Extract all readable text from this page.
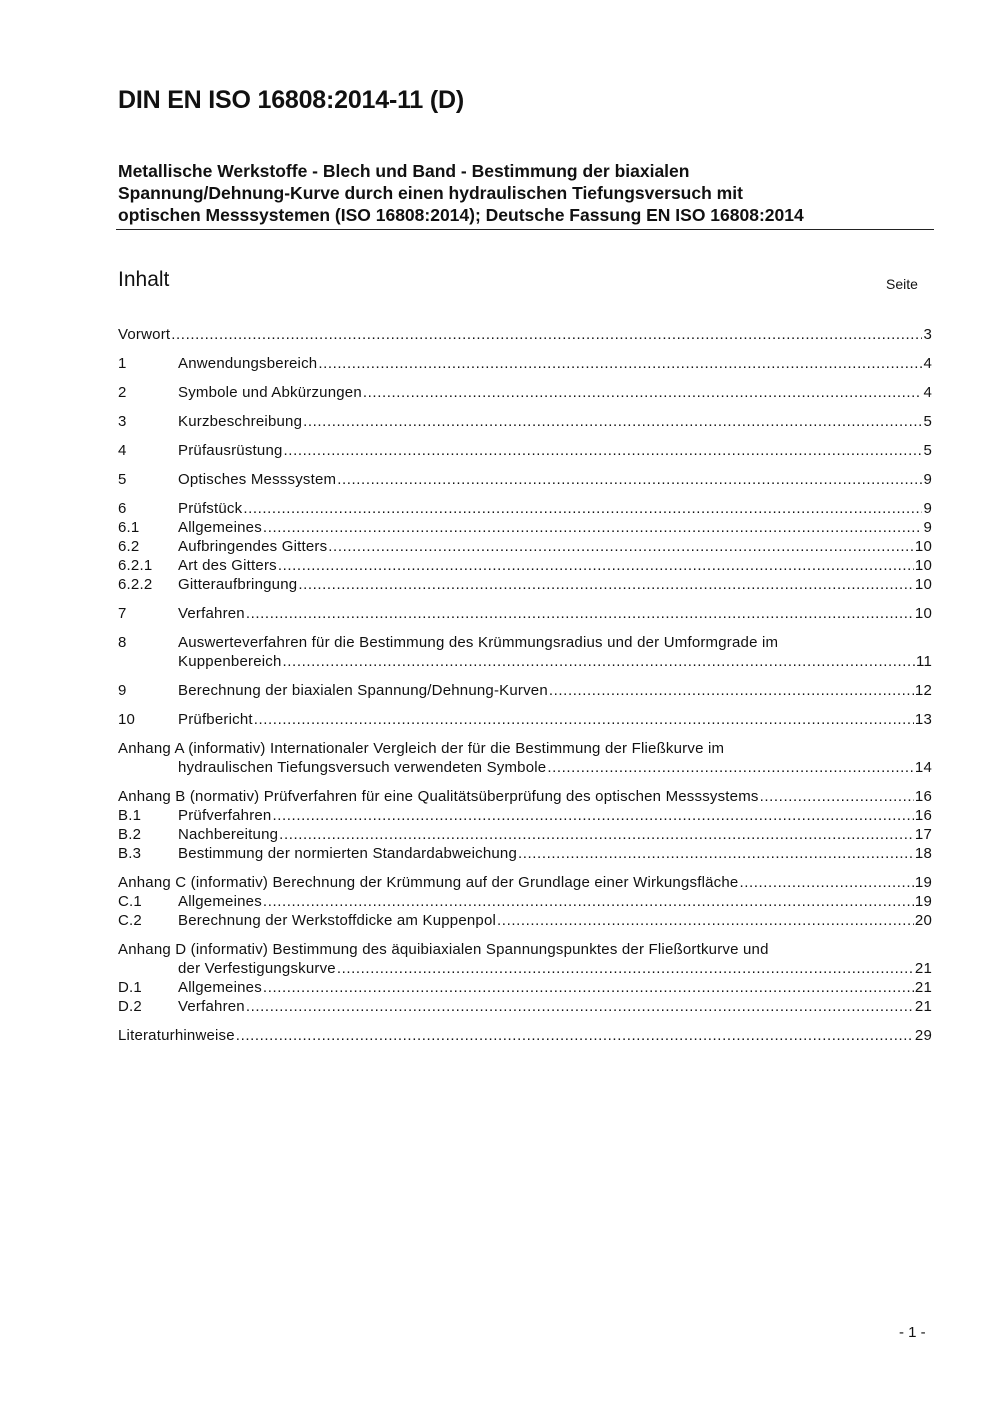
DIN EN ISO 16808:2014-11 (D)
Metallische Werkstoffe - Blech und Band - Bestimmung der biaxialen
Spannung/Dehnung-Kurve durch einen hydraulischen Tiefungsversuch mit
optischen Messsystemen (ISO 16808:2014); Deutsche Fassung EN ISO 16808:2014
Inhalt	Seite
Vorwort .....	3
1	Anwendungsbereich .....	4
2	Symbole und Abkürzungen .....	4
3	Kurzbeschreibung .....	5
4	Prüfausrüstung .....	5
5	Optisches Messsystem .....	9
6	Prüfstück .....	9
6.1	Allgemeines .....	9
6.2	Aufbringendes Gitters .....	10
6.2.1	Art des Gitters .....	10
6.2.2	Gitteraufbringung .....	10
7	Verfahren .....	10
8	Auswerteverfahren für die Bestimmung des Krümmungsradius und der Umformgrade im
Kuppenbereich .....	11
9	Berechnung der biaxialen Spannung/Dehnung-Kurven .....	12
10	Prüfbericht .....	13
Anhang A (informativ) Internationaler Vergleich der für die Bestimmung der Fließkurve im
hydraulischen Tiefungsversuch verwendeten Symbole .....	14
Anhang B (normativ) Prüfverfahren für eine Qualitätsüberprüfung des optischen Messsystems .....	16
B.1	Prüfverfahren .....	16
B.2	Nachbereitung .....	17
B.3	Bestimmung der normierten Standardabweichung .....	18
Anhang C (informativ) Berechnung der Krümmung auf der Grundlage einer Wirkungsfläche .....	19
C.1	Allgemeines .....	19
C.2	Berechnung der Werkstoffdicke am Kuppenpol .....	20
Anhang D (informativ) Bestimmung des äquibiaxialen Spannungspunktes der Fließortkurve und
der Verfestigungskurve .....	21
D.1	Allgemeines .....	21
D.2	Verfahren .....	21
Literaturhinweise .....	29
- 1 -
